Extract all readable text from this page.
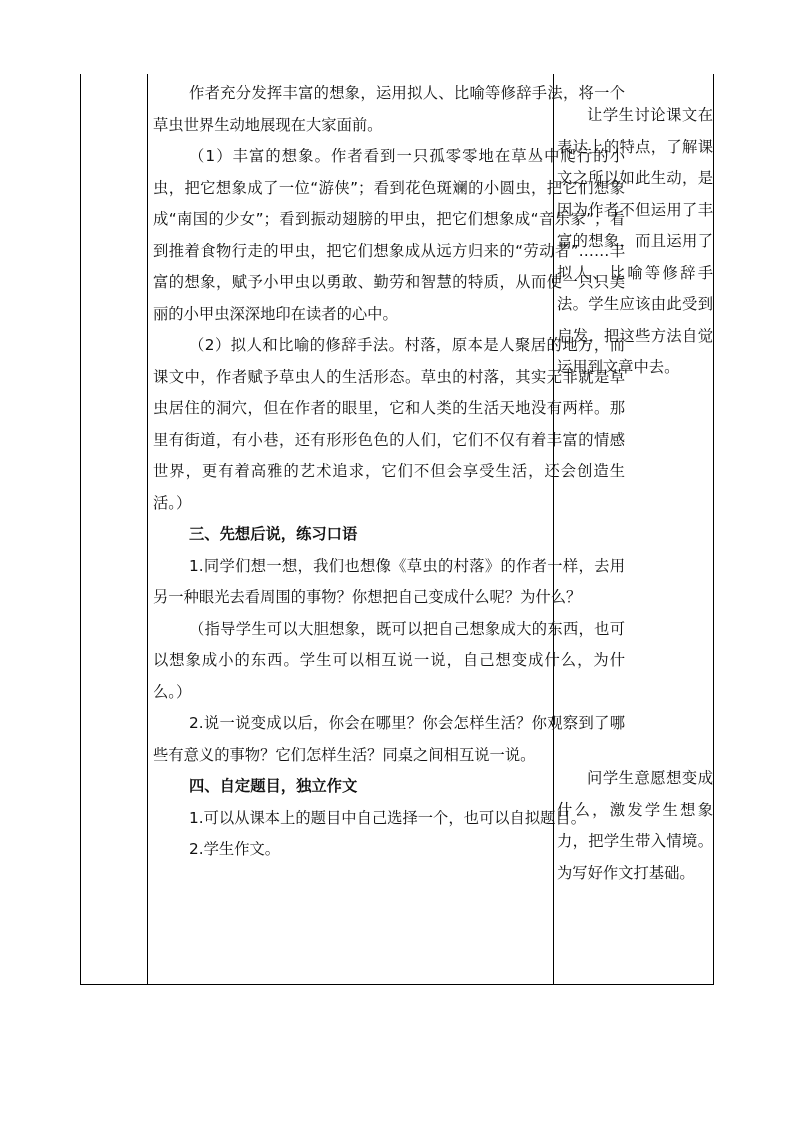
作者充分发挥丰富的想象，运用拟人、比喻等修辞手法，将一个草虫世界生动地展现在大家面前。

（1）丰富的想象。作者看到一只孤零零地在草丛中爬行的小虫，把它想象成了一位“游侠”；看到花色斑斓的小圆虫，把它们想象成“南国的少女”；看到振动翅膀的甲虫，把它们想象成“音乐家”；看到推着食物行走的甲虫，把它们想象成从远方归来的“劳动者”……丰富的想象，赋予小甲虫以勇敢、勤劳和智慧的特质，从而使一只只美丽的小甲虫深深地印在读者的心中。

（2）拟人和比喻的修辞手法。村落，原本是人聚居的地方，而课文中，作者赋予草虫人的生活形态。草虫的村落，其实无非就是草虫居住的洞穴，但在作者的眼里，它和人类的生活天地没有两样。那里有街道，有小巷，还有形形色色的人们，它们不仅有着丰富的情感世界，更有着高雅的艺术追求，它们不但会享受生活，还会创造生活。）

三、先想后说，练习口语

1.同学们想一想，我们也想像《草虫的村落》的作者一样，去用另一种眼光去看周围的事物？你想把自己变成什么呢？为什么？

（指导学生可以大胆想象，既可以把自己想象成大的东西，也可以想象成小的东西。学生可以相互说一说，自己想变成什么，为什么。）

2.说一说变成以后，你会在哪里？你会怎样生活？你观察到了哪些有意义的事物？它们怎样生活？同桌之间相互说一说。

四、自定题目，独立作文

1.可以从课本上的题目中自己选择一个，也可以自拟题目。

2.学生作文。

让学生讨论课文在表达上的特点，了解课文之所以如此生动，是因为作者不但运用了丰富的想象，而且运用了拟人、比喻等修辞手法。学生应该由此受到启发，把这些方法自觉运用到文章中去。

问学生意愿想变成什么，激发学生想象力，把学生带入情境。为写好作文打基础。
